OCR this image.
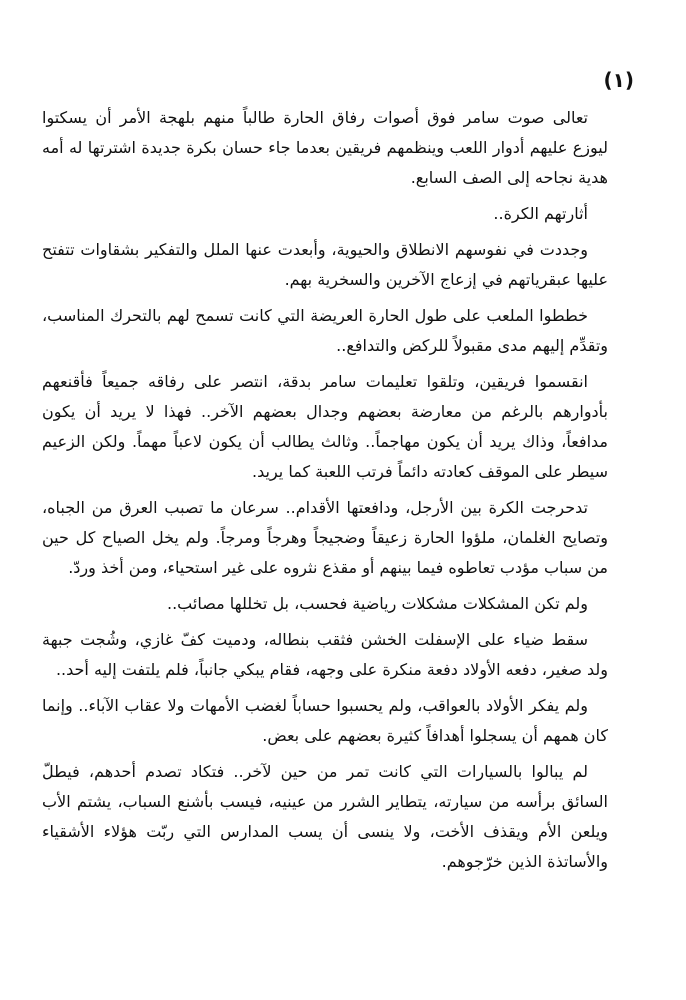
(١)

تعالى صوت سامر فوق أصوات رفاق الحارة طالباً منهم بلهجة الأمر أن يسكتوا ليوزع عليهم أدوار اللعب وينظمهم فريقين بعدما جاء حسان بكرة جديدة اشترتها له أمه هدية نجاحه إلى الصف السابع.

أثارتهم الكرة..

وجددت في نفوسهم الانطلاق والحيوية، وأبعدت عنها الملل والتفكير بشقاوات تتفتح عليها عبقرياتهم في إزعاج الآخرين والسخرية بهم.

خططوا الملعب على طول الحارة العريضة التي كانت تسمح لهم بالتحرك المناسب، وتقدِّم إليهم مدى مقبولاً للركض والتدافع..

انقسموا فريقين، وتلقوا تعليمات سامر بدقة، انتصر على رفاقه جميعاً فأقنعهم بأدوارهم بالرغم من معارضة بعضهم وجدال بعضهم الآخر.. فهذا لا يريد أن يكون مدافعاً، وذاك يريد أن يكون مهاجماً.. وثالث يطالب أن يكون لاعباً مهماً. ولكن الزعيم سيطر على الموقف كعادته دائماً فرتب اللعبة كما يريد.

تدحرجت الكرة بين الأرجل، ودافعتها الأقدام.. سرعان ما تصبب العرق من الجباه، وتصايح الغلمان، ملؤوا الحارة زعيقاً وضجيجاً وهرجاً ومرجاً. ولم يخل الصياح كل حين من سباب مؤدب تعاطوه فيما بينهم أو مقذع نثروه على غير استحياء، ومن أخذ وردّ.

ولم تكن المشكلات مشكلات رياضية فحسب، بل تخللها مصائب..

سقط ضياء على الإسفلت الخشن فثقب بنطاله، ودميت كفّ غازي، وشُجت جبهة ولد صغير، دفعه الأولاد دفعة منكرة على وجهه، فقام يبكي جانباً، فلم يلتفت إليه أحد..

ولم يفكر الأولاد بالعواقب، ولم يحسبوا حساباً لغضب الأمهات ولا عقاب الآباء.. وإنما كان همهم أن يسجلوا أهدافاً كثيرة بعضهم على بعض.

لم يبالوا بالسيارات التي كانت تمر من حين لآخر.. فتكاد تصدم أحدهم، فيطلّ السائق برأسه من سيارته، يتطاير الشرر من عينيه، فيسب بأشنع السباب، يشتم الأب ويلعن الأم ويقذف الأخت، ولا ينسى أن يسب المدارس التي ربّت هؤلاء الأشقياء والأساتذة الذين خرّجوهم.
